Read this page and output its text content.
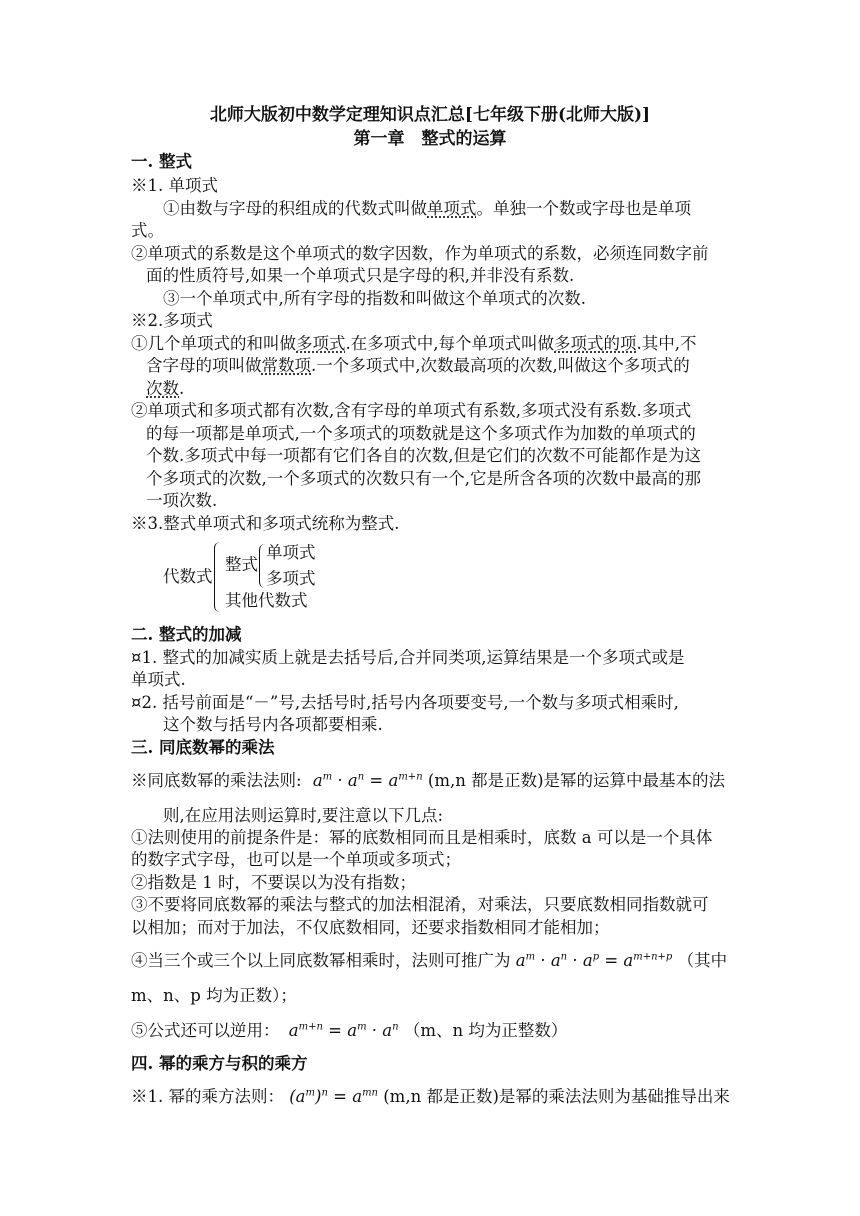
北师大版初中数学定理知识点汇总[七年级下册(北师大版)]
第一章　整式的运算
一. 整式
※1. 单项式
①由数与字母的积组成的代数式叫做单项式。单独一个数或字母也是单项
式。
②单项式的系数是这个单项式的数字因数，作为单项式的系数，必须连同数字前
面的性质符号,如果一个单项式只是字母的积,并非没有系数.
③一个单项式中,所有字母的指数和叫做这个单项式的次数.
※2.多项式
①几个单项式的和叫做多项式.在多项式中,每个单项式叫做多项式的项.其中,不
含字母的项叫做常数项.一个多项式中,次数最高项的次数,叫做这个多项式的
次数.
②单项式和多项式都有次数,含有字母的单项式有系数,多项式没有系数.多项式
的每一项都是单项式,一个多项式的项数就是这个多项式作为加数的单项式的
个数.多项式中每一项都有它们各自的次数,但是它们的次数不可能都作是为这
个多项式的次数,一个多项式的次数只有一个,它是所含各项的次数中最高的那
一项次数.
※3.整式单项式和多项式统称为整式.
代数式
整式
单项式
多项式
其他代数式
二. 整式的加减
¤1. 整式的加减实质上就是去括号后,合并同类项,运算结果是一个多项式或是
单项式.
¤2. 括号前面是“－”号,去括号时,括号内各项要变号,一个数与多项式相乘时,
这个数与括号内各项都要相乘.
三. 同底数幂的乘法
※同底数幂的乘法法则: $a^m \cdot a^n = a^{m+n}$ (m,n 都是正数)是幂的运算中最基本的法
则,在应用法则运算时,要注意以下几点:
①法则使用的前提条件是：幂的底数相同而且是相乘时，底数 a 可以是一个具体
的数字式字母，也可以是一个单项或多项式；
②指数是 1 时，不要误以为没有指数；
③不要将同底数幂的乘法与整式的加法相混淆，对乘法，只要底数相同指数就可
以相加；而对于加法，不仅底数相同，还要求指数相同才能相加；
④当三个或三个以上同底数幂相乘时，法则可推广为 $a^m \cdot a^n \cdot a^p = a^{m+n+p}$ （其中
m、n、p 均为正数）；
⑤公式还可以逆用： $a^{m+n} = a^m \cdot a^n$ （m、n 均为正整数）
四. 幂的乘方与积的乘方
※1. 幂的乘方法则： $(a^m)^n = a^{mn}$ (m,n 都是正数)是幂的乘法法则为基础推导出来
